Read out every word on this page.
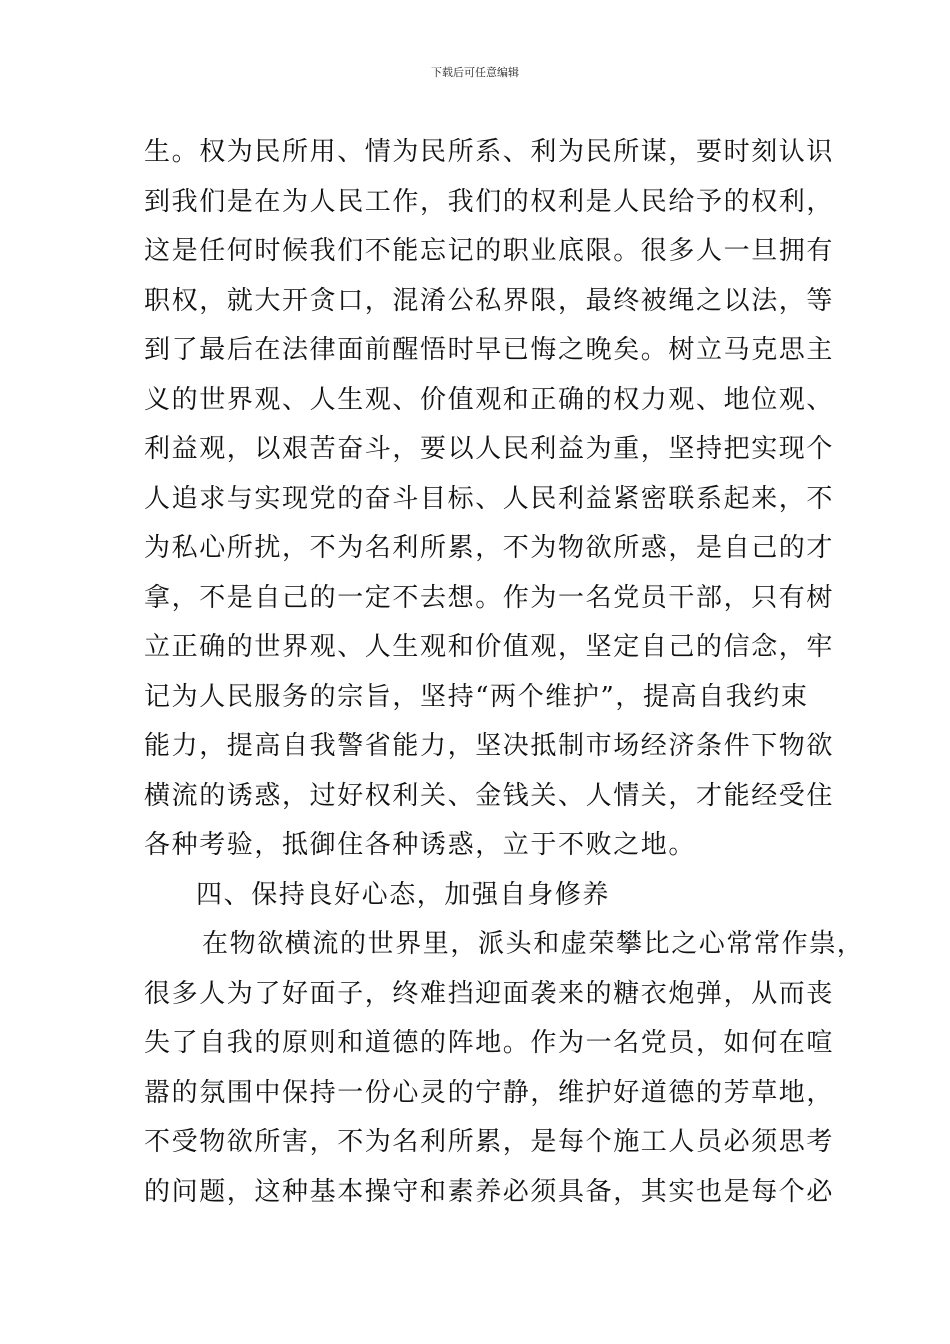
下载后可任意编辑
生。权为民所用、情为民所系、利为民所谋，要时刻认识
到我们是在为人民工作，我们的权利是人民给予的权利，
这是任何时候我们不能忘记的职业底限。很多人一旦拥有
职权，就大开贪口，混淆公私界限，最终被绳之以法，等
到了最后在法律面前醒悟时早已悔之晚矣。树立马克思主
义的世界观、人生观、价值观和正确的权力观、地位观、
利益观，以艰苦奋斗，要以人民利益为重，坚持把实现个
人追求与实现党的奋斗目标、人民利益紧密联系起来，不
为私心所扰，不为名利所累，不为物欲所惑，是自己的才
拿，不是自己的一定不去想。作为一名党员干部，只有树
立正确的世界观、人生观和价值观，坚定自己的信念，牢
记为人民服务的宗旨，坚持“两个维护”，提高自我约束
能力，提高自我警省能力，坚决抵制市场经济条件下物欲
横流的诱惑，过好权利关、金钱关、人情关，才能经受住
各种考验，抵御住各种诱惑，立于不败之地。
四、保持良好心态，加强自身修养
在物欲横流的世界里，派头和虚荣攀比之心常常作祟，
很多人为了好面子，终难挡迎面袭来的糖衣炮弹，从而丧
失了自我的原则和道德的阵地。作为一名党员，如何在喧
嚣的氛围中保持一份心灵的宁静，维护好道德的芳草地，
不受物欲所害，不为名利所累，是每个施工人员必须思考
的问题，这种基本操守和素养必须具备，其实也是每个必
